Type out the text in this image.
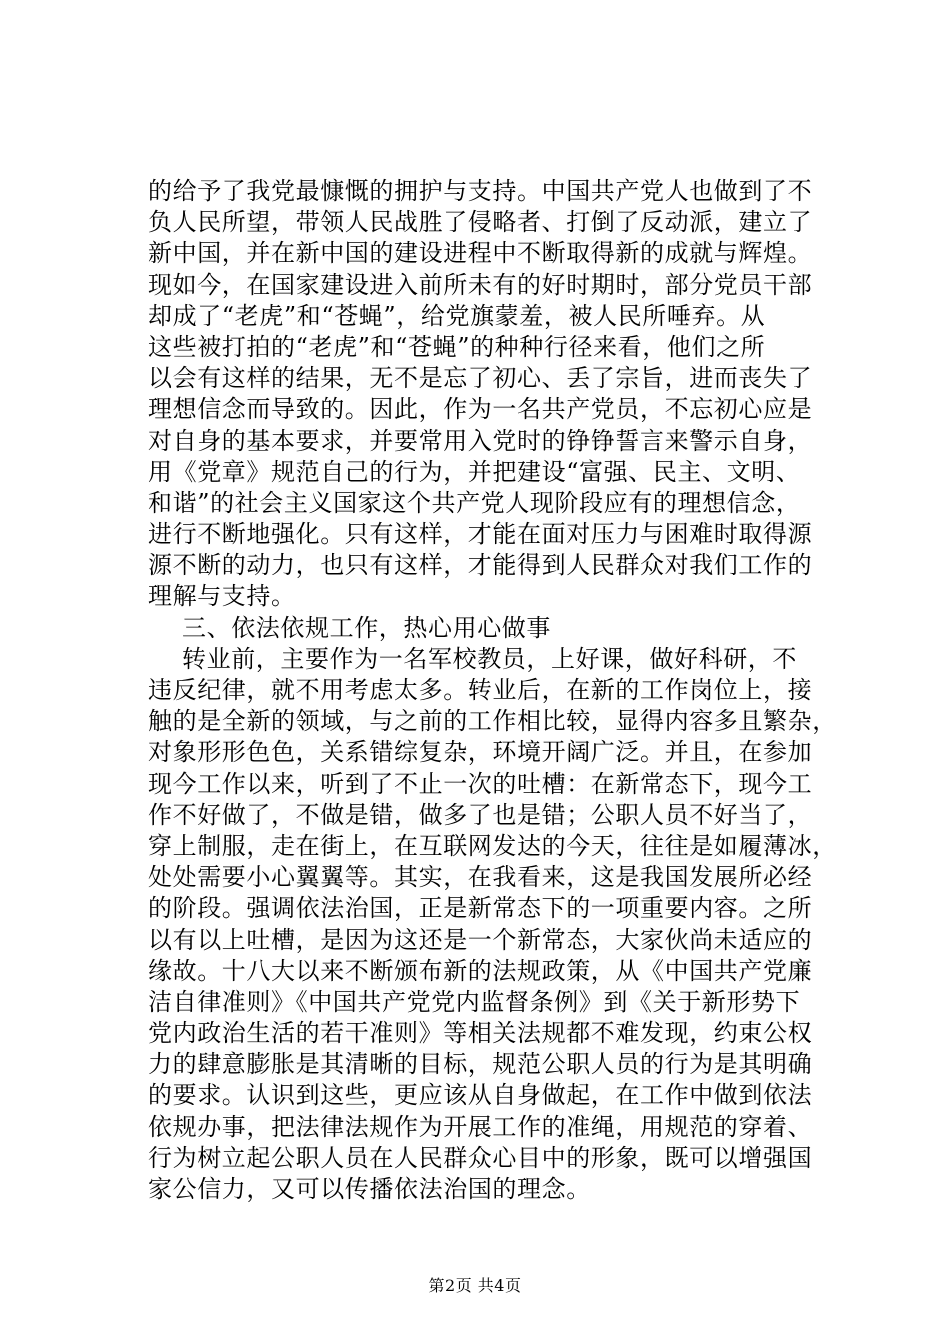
的给予了我党最慷慨的拥护与支持。中国共产党人也做到了不
负人民所望，带领人民战胜了侵略者、打倒了反动派，建立了
新中国，并在新中国的建设进程中不断取得新的成就与辉煌。
现如今，在国家建设进入前所未有的好时期时，部分党员干部
却成了“老虎”和“苍蝇”，给党旗蒙羞，被人民所唾弃。从
这些被打拍的“老虎”和“苍蝇”的种种行径来看，他们之所
以会有这样的结果，无不是忘了初心、丢了宗旨，进而丧失了
理想信念而导致的。因此，作为一名共产党员，不忘初心应是
对自身的基本要求，并要常用入党时的铮铮誓言来警示自身，
用《党章》规范自己的行为，并把建设“富强、民主、文明、
和谐”的社会主义国家这个共产党人现阶段应有的理想信念，
进行不断地强化。只有这样，才能在面对压力与困难时取得源
源不断的动力，也只有这样，才能得到人民群众对我们工作的
理解与支持。
三、依法依规工作，热心用心做事
转业前，主要作为一名军校教员，上好课，做好科研，不
违反纪律，就不用考虑太多。转业后，在新的工作岗位上，接
触的是全新的领域，与之前的工作相比较，显得内容多且繁杂，
对象形形色色，关系错综复杂，环境开阔广泛。并且，在参加
现今工作以来，听到了不止一次的吐槽：在新常态下，现今工
作不好做了，不做是错，做多了也是错；公职人员不好当了，
穿上制服，走在街上，在互联网发达的今天，往往是如履薄冰，
处处需要小心翼翼等。其实，在我看来，这是我国发展所必经
的阶段。强调依法治国，正是新常态下的一项重要内容。之所
以有以上吐槽，是因为这还是一个新常态，大家伙尚未适应的
缘故。十八大以来不断颁布新的法规政策，从《中国共产党廉
洁自律准则》《中国共产党党内监督条例》到《关于新形势下
党内政治生活的若干准则》等相关法规都不难发现，约束公权
力的肆意膨胀是其清晰的目标，规范公职人员的行为是其明确
的要求。认识到这些，更应该从自身做起，在工作中做到依法
依规办事，把法律法规作为开展工作的准绳，用规范的穿着、
行为树立起公职人员在人民群众心目中的形象，既可以增强国
家公信力，又可以传播依法治国的理念。
第2页 共4页
